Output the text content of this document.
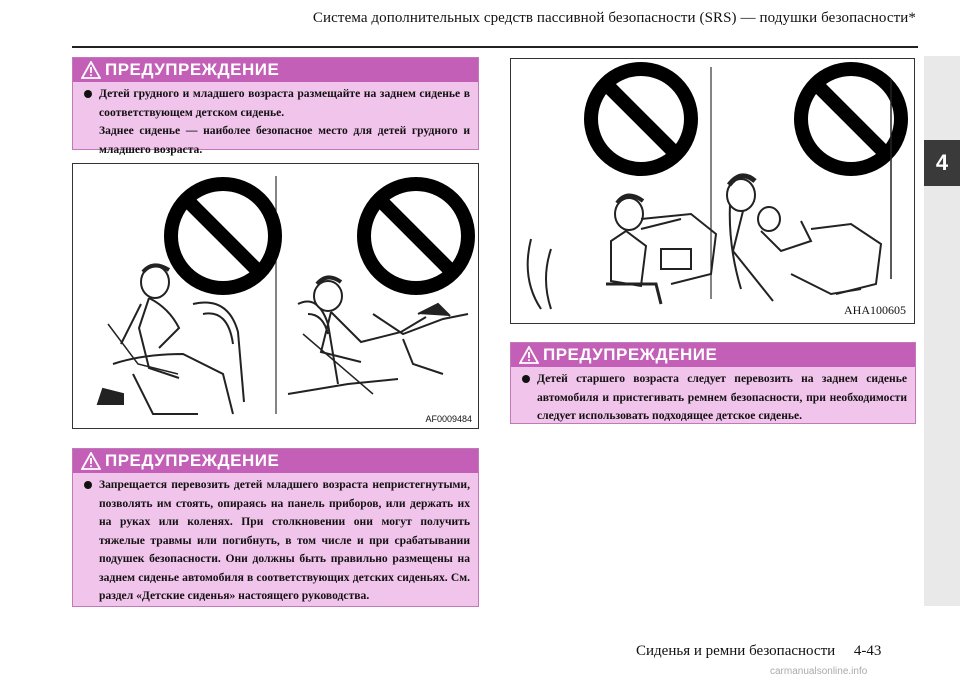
Система дополнительных средств пассивной безопасности (SRS) — подушки безопасности*
4
ПРЕДУПРЕЖДЕНИЕ

Детей грудного и младшего возраста размещайте на заднем сиденье в соответствующем детском сиденье.

Заднее сиденье — наиболее безопасное место для детей грудного и младшего возраста.

AF0009484
ПРЕДУПРЕЖДЕНИЕ

Запрещается перевозить детей младшего возраста непристегнутыми, позволять им стоять, опираясь на панель приборов, или держать их на руках или коленях. При столкновении они могут получить тяжелые травмы или погибнуть, в том числе и при срабатывании подушек безопасности. Они должны быть правильно размещены на заднем сиденье автомобиля в соответствующих детских сиденьях. См. раздел «Детские сиденья» настоящего руководства.

AHA100605
ПРЕДУПРЕЖДЕНИЕ

Детей старшего возраста следует перевозить на заднем сиденье автомобиля и пристегивать ремнем безопасности, при необходимости следует использовать подходящее детское сиденье.

Сиденья и ремни безопасности     4-43
carmanualsonline.info
